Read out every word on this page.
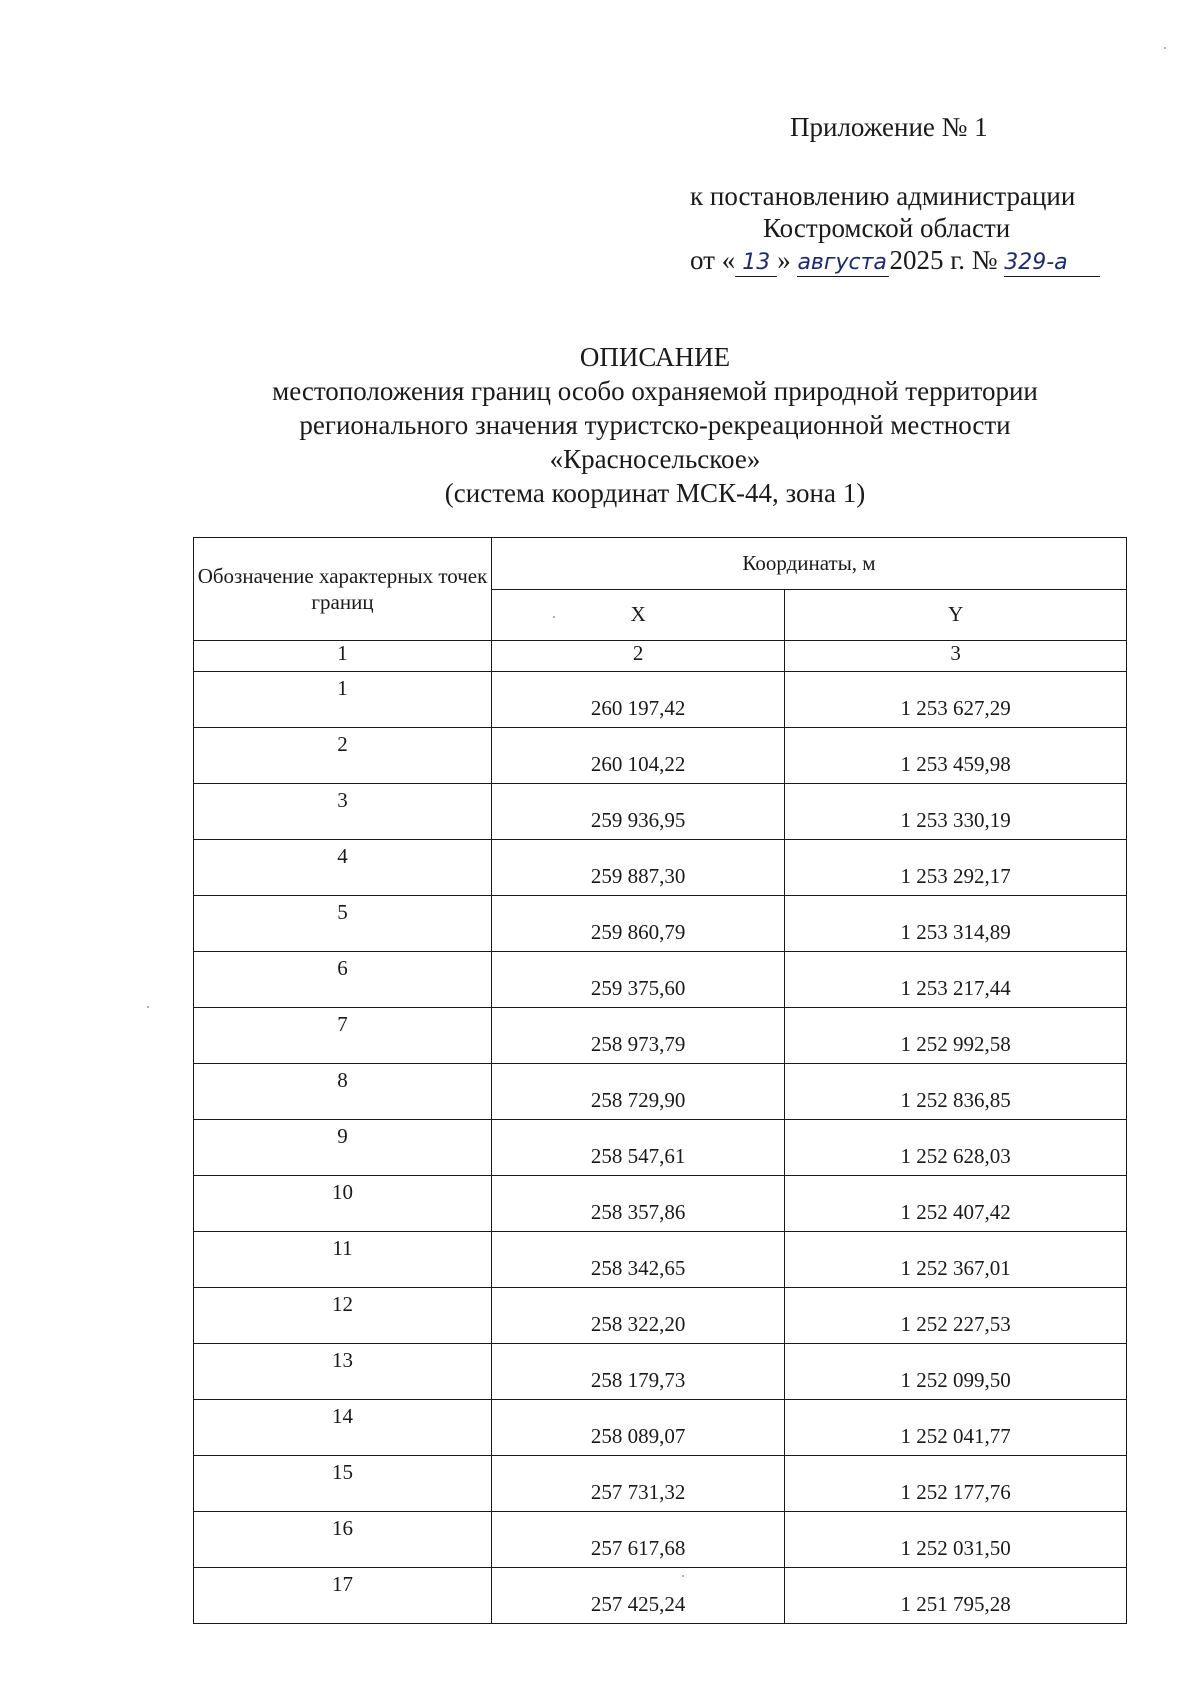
Приложение № 1
к постановлению администрации
Костромской области
от « 13 » августа2025 г. № 329-а
ОПИСАНИЕ
местоположения границ особо охраняемой природной территории
регионального значения туристско-рекреационной местности
«Красносельское»
(система координат МСК-44, зона 1)
Обозначение характерных точек границ	Координаты, м	
	X	Y
1	2	3
1	260 197,42	1 253 627,29
2	260 104,22	1 253 459,98
3	259 936,95	1 253 330,19
4	259 887,30	1 253 292,17
5	259 860,79	1 253 314,89
6	259 375,60	1 253 217,44
7	258 973,79	1 252 992,58
8	258 729,90	1 252 836,85
9	258 547,61	1 252 628,03
10	258 357,86	1 252 407,42
11	258 342,65	1 252 367,01
12	258 322,20	1 252 227,53
13	258 179,73	1 252 099,50
14	258 089,07	1 252 041,77
15	257 731,32	1 252 177,76
16	257 617,68	1 252 031,50
17	257 425,24	1 251 795,28
